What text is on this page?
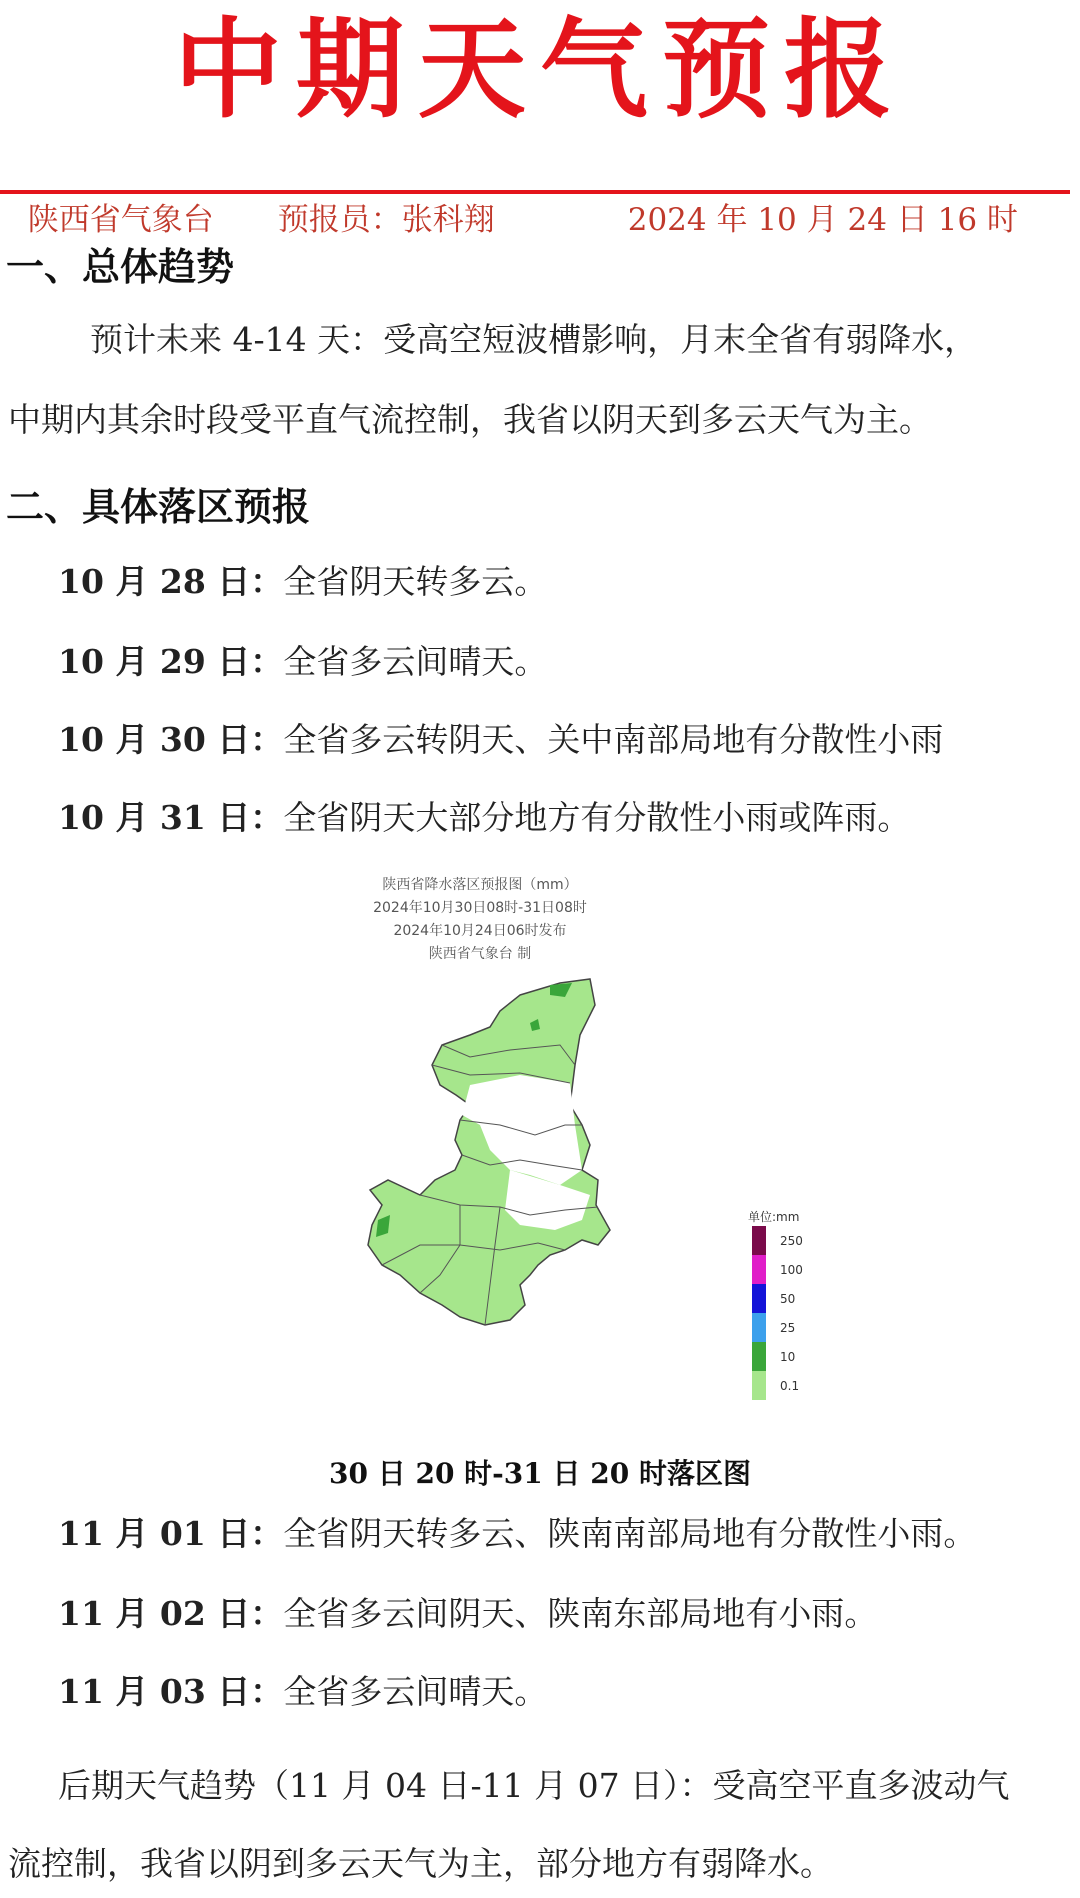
中期天气预报

陕西省气象台	预报员：张科翔	2024 年 10 月 24 日 16 时

一、总体趋势
预计未来 4-14 天：受高空短波槽影响，月末全省有弱降水，
中期内其余时段受平直气流控制，我省以阴天到多云天气为主。
二、具体落区预报
10 月 28 日：全省阴天转多云。
10 月 29 日：全省多云间晴天。
10 月 30 日：全省多云转阴天、关中南部局地有分散性小雨
10 月 31 日：全省阴天大部分地方有分散性小雨或阵雨。
陕西省降水落区预报图（mm）
2024年10月30日08时-31日08时
2024年10月24日06时发布
陕西省气象台 制
单位:mm
250
100
50
25
10
0.1
30 日 20 时-31 日 20 时落区图
11 月 01 日：全省阴天转多云、陕南南部局地有分散性小雨。
11 月 02 日：全省多云间阴天、陕南东部局地有小雨。
11 月 03 日：全省多云间晴天。
后期天气趋势（11 月 04 日-11 月 07 日）：受高空平直多波动气
流控制，我省以阴到多云天气为主，部分地方有弱降水。
